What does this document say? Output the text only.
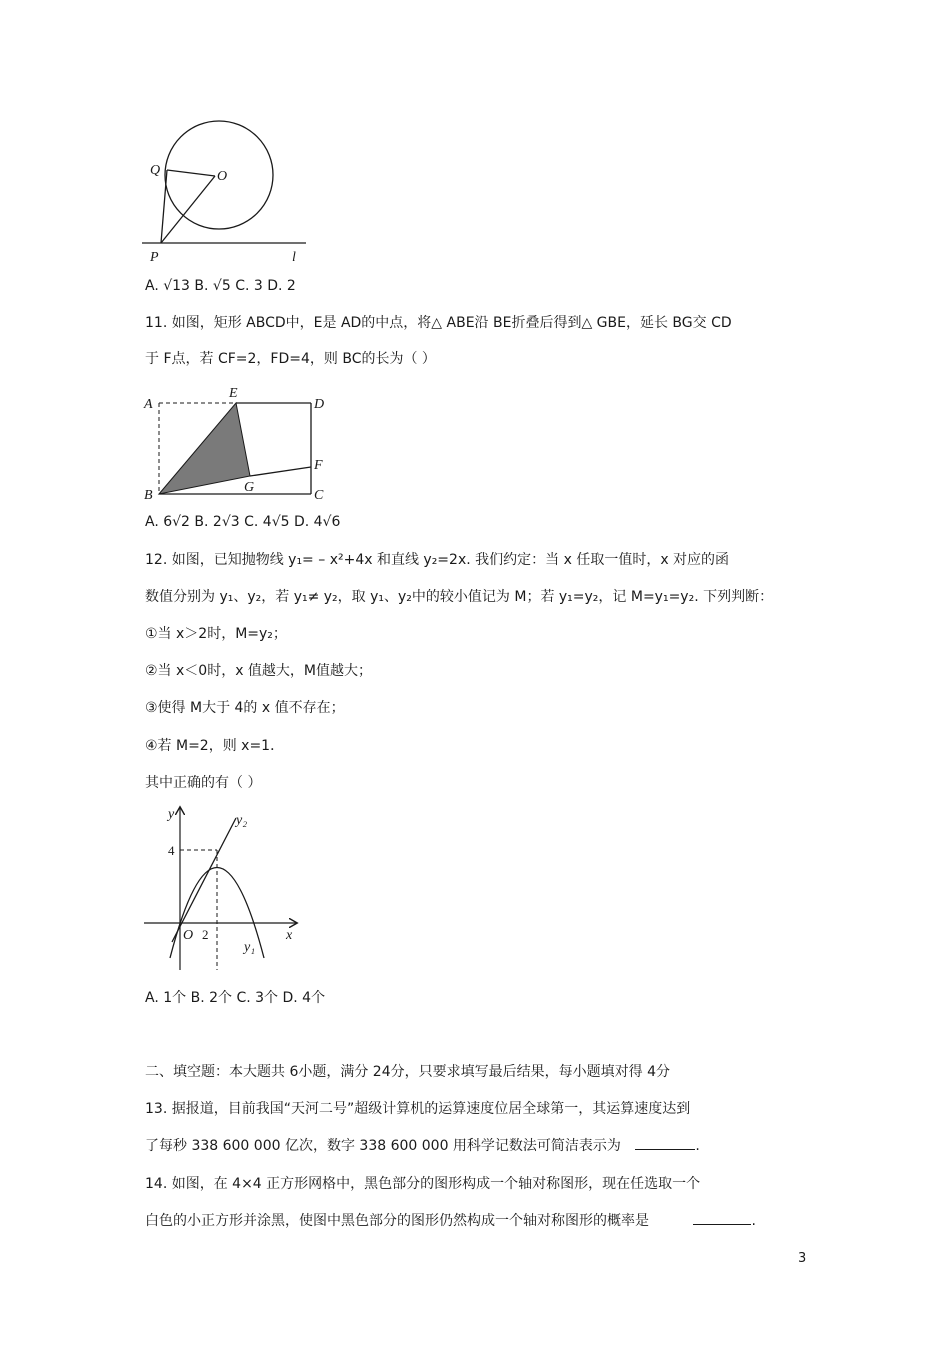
Q	O
P	l
A. √13 B. √5 C. 3 D. 2
11. 如图，矩形 ABCD中，E是 AD的中点，将△ ABE沿 BE折叠后得到△ GBE，延长 BG交 CD
于 F点，若 CF=2，FD=4，则 BC的长为（ ）
A
E
D
F
B
G
C
A. 6√2 B. 2√3 C. 4√5 D. 4√6
12. 如图，已知抛物线 y₁= – x²+4x 和直线 y₂=2x. 我们约定：当 x 任取一值时，x 对应的函
数值分别为 y₁、y₂，若 y₁≠ y₂，取 y₁、y₂中的较小值记为 M；若 y₁=y₂，记 M=y₁=y₂. 下列判断：
①当 x＞2时，M=y₂；
②当 x＜0时，x 值越大，M值越大；
③使得 M大于 4的 x 值不存在；
④若 M=2，则 x=1．
其中正确的有（ ）
y
x
O 2
4
y₁
y₂
A. 1个 B. 2个 C. 3个 D. 4个
二、填空题：本大题共 6小题，满分 24分，只要求填写最后结果，每小题填对得 4分
13. 据报道，目前我国“天河二号”超级计算机的运算速度位居全球第一，其运算速度达到
了每秒 338 600 000 亿次，数字 338 600 000 用科学记数法可简洁表示为	.
14. 如图，在 4×4 正方形网格中，黑色部分的图形构成一个轴对称图形，现在任选取一个
白色的小正方形并涂黑，使图中黑色部分的图形仍然构成一个轴对称图形的概率是	.
3
